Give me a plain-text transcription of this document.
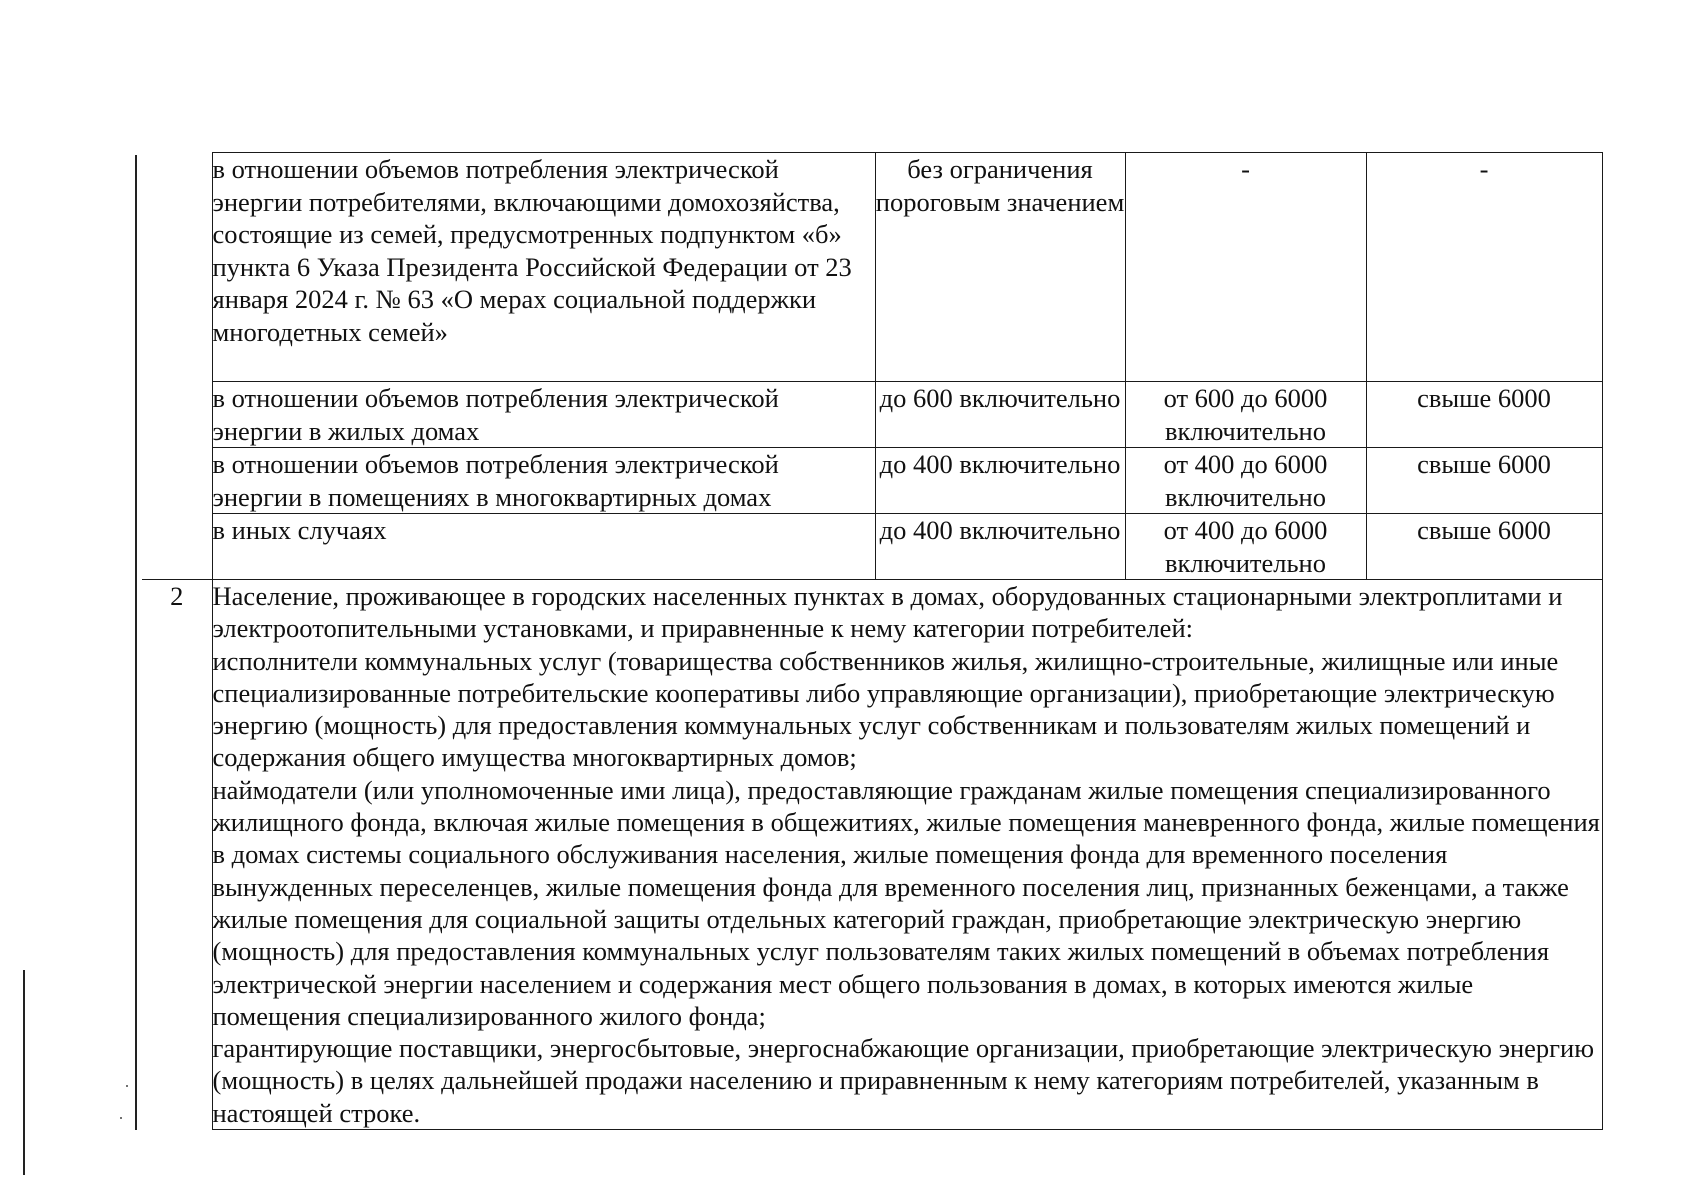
	в отношении объемов потребления электрической энергии потребителями, включающими домохозяйства, состоящие из семей, предусмотренных подпунктом «б» пункта 6 Указа Президента Российской Федерации от 23 января 2024 г. № 63 «О мерах социальной поддержки многодетных семей»	без ограничения пороговым значением	-	-
	в отношении объемов потребления электрической энергии в жилых домах	до 600 включительно	от 600 до 6000 включительно	свыше 6000
	в отношении объемов потребления электрической энергии в помещениях в многоквартирных домах	до 400 включительно	от 400 до 6000 включительно	свыше 6000
	в иных случаях	до 400 включительно	от 400 до 6000 включительно	свыше 6000
2	Население, проживающее в городских населенных пунктах в домах, оборудованных стационарными электроплитами и электроотопительными установками, и приравненные к нему категории потребителей:
исполнители коммунальных услуг (товарищества собственников жилья, жилищно-строительные, жилищные или иные специализированные потребительские кооперативы либо управляющие организации), приобретающие электрическую энергию (мощность) для предоставления коммунальных услуг собственникам и пользователям жилых помещений и содержания общего имущества многоквартирных домов;
наймодатели (или уполномоченные ими лица), предоставляющие гражданам жилые помещения специализированного жилищного фонда, включая жилые помещения в общежитиях, жилые помещения маневренного фонда, жилые помещения в домах системы социального обслуживания населения, жилые помещения фонда для временного поселения вынужденных переселенцев, жилые помещения фонда для временного поселения лиц, признанных беженцами, а также жилые помещения для социальной защиты отдельных категорий граждан, приобретающие электрическую энергию (мощность) для предоставления коммунальных услуг пользователям таких жилых помещений в объемах потребления электрической энергии населением и содержания мест общего пользования в домах, в которых имеются жилые помещения специализированного жилого фонда;
гарантирующие поставщики, энергосбытовые, энергоснабжающие организации, приобретающие электрическую энергию (мощность) в целях дальнейшей продажи населению и приравненным к нему категориям потребителей, указанным в настоящей строке.			
